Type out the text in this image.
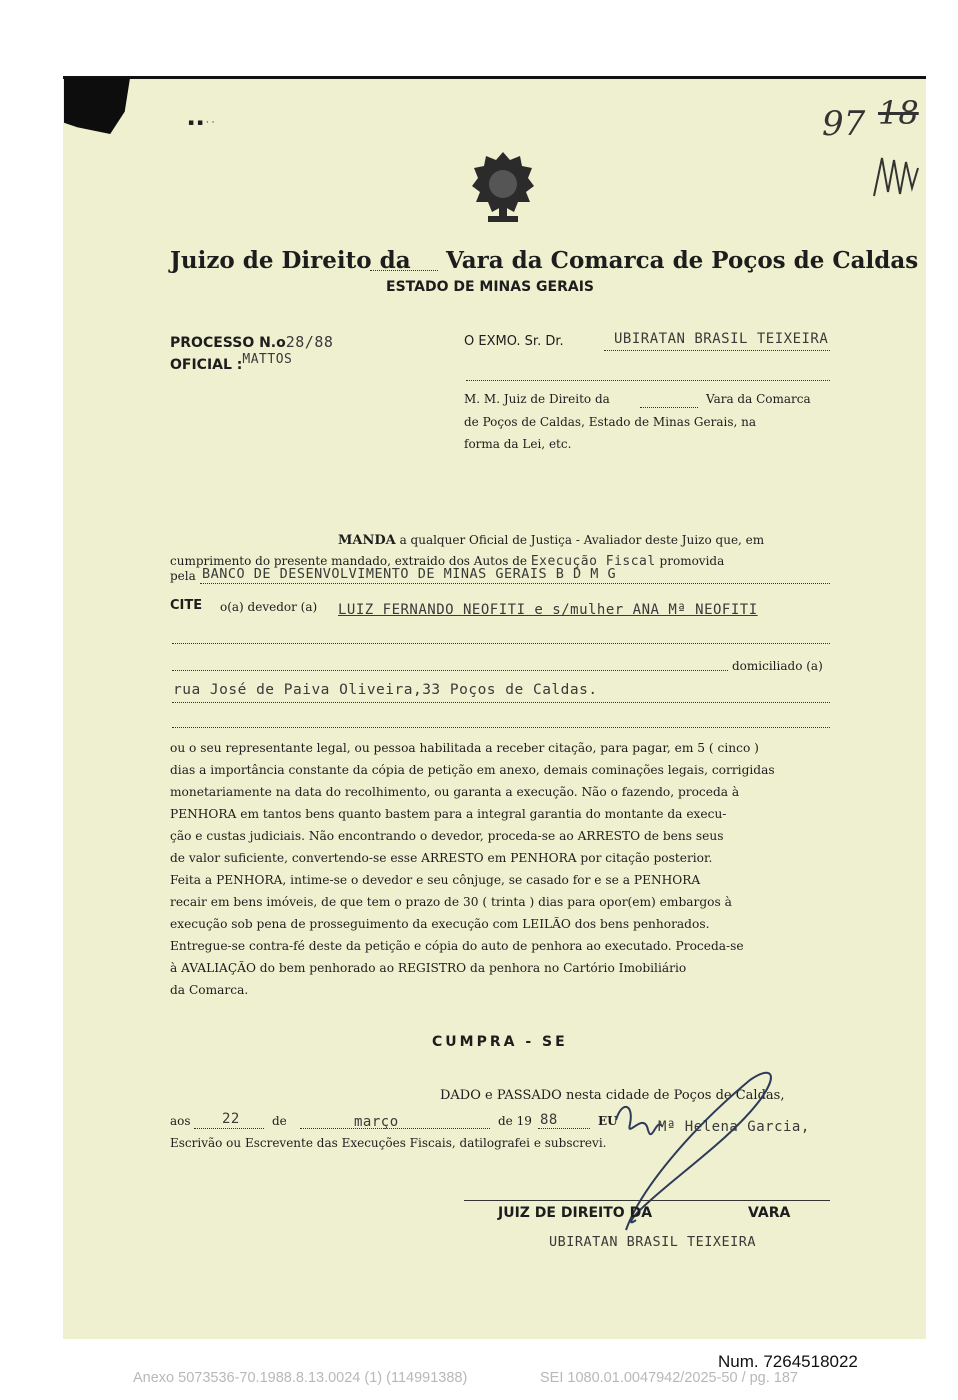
▪ ▪ · ·	97 18
Juizo de Direito da Vara da Comarca de Poços de Caldas
ESTADO DE MINAS GERAIS
PROCESSO N.o28/88
OFICIAL :MATTOS
O EXMO. Sr. Dr.	UBIRATAN BRASIL TEIXEIRA
M. M. Juiz de Direito da	Vara da Comarca
de Poços de Caldas, Estado de Minas Gerais, na
forma da Lei, etc.
MANDA a qualquer Oficial de Justiça - Avaliador deste Juizo que, em
cumprimento do presente mandado, extraido dos Autos de Execução Fiscal promovida
pela BANCO DE DESENVOLVIMENTO DE MINAS GERAIS B D M G
CITE o(a) devedor (a) LUIZ FERNANDO NEOFITI e s/mulher ANA Mª NEOFITI
domiciliado (a)
rua José de Paiva Oliveira,33 Poços de Caldas.
ou o seu representante legal, ou pessoa habilitada a receber citação, para pagar, em 5 ( cinco )
dias a importância constante da cópia de petição em anexo, demais cominações legais, corrigidas
monetariamente na data do recolhimento, ou garanta a execução. Não o fazendo, proceda à
PENHORA em tantos bens quanto bastem para a integral garantia do montante da execu-
ção e custas judiciais. Não encontrando o devedor, proceda-se ao ARRESTO de bens seus
de valor suficiente, convertendo-se esse ARRESTO em PENHORA por citação posterior.
Feita a PENHORA, intime-se o devedor e seu cônjuge, se casado for e se a PENHORA
recair em bens imóveis, de que tem o prazo de 30 ( trinta ) dias para opor(em) embargos à
execução sob pena de prosseguimento da execução com LEILÃO dos bens penhorados.
Entregue-se contra-fé deste da petição e cópia do auto de penhora ao executado. Proceda-se
à AVALIAÇÃO do bem penhorado ao REGISTRO da penhora no Cartório Imobiliário
da Comarca.
CUMPRA - SE
DADO e PASSADO nesta cidade de Poços de Caldas,
aos 22	de	março	de 19 88	EU	Mª Helena Garcia,
Escrivão ou Escrevente das Execuções Fiscais, datilografei e subscrevi.
JUIZ DE DIREITO DA	VARA
UBIRATAN BRASIL TEIXEIRA
Num. 7264518022
Anexo 5073536-70.1988.8.13.0024 (1) (114991388)	SEI 1080.01.0047942/2025-50 / pg. 187
